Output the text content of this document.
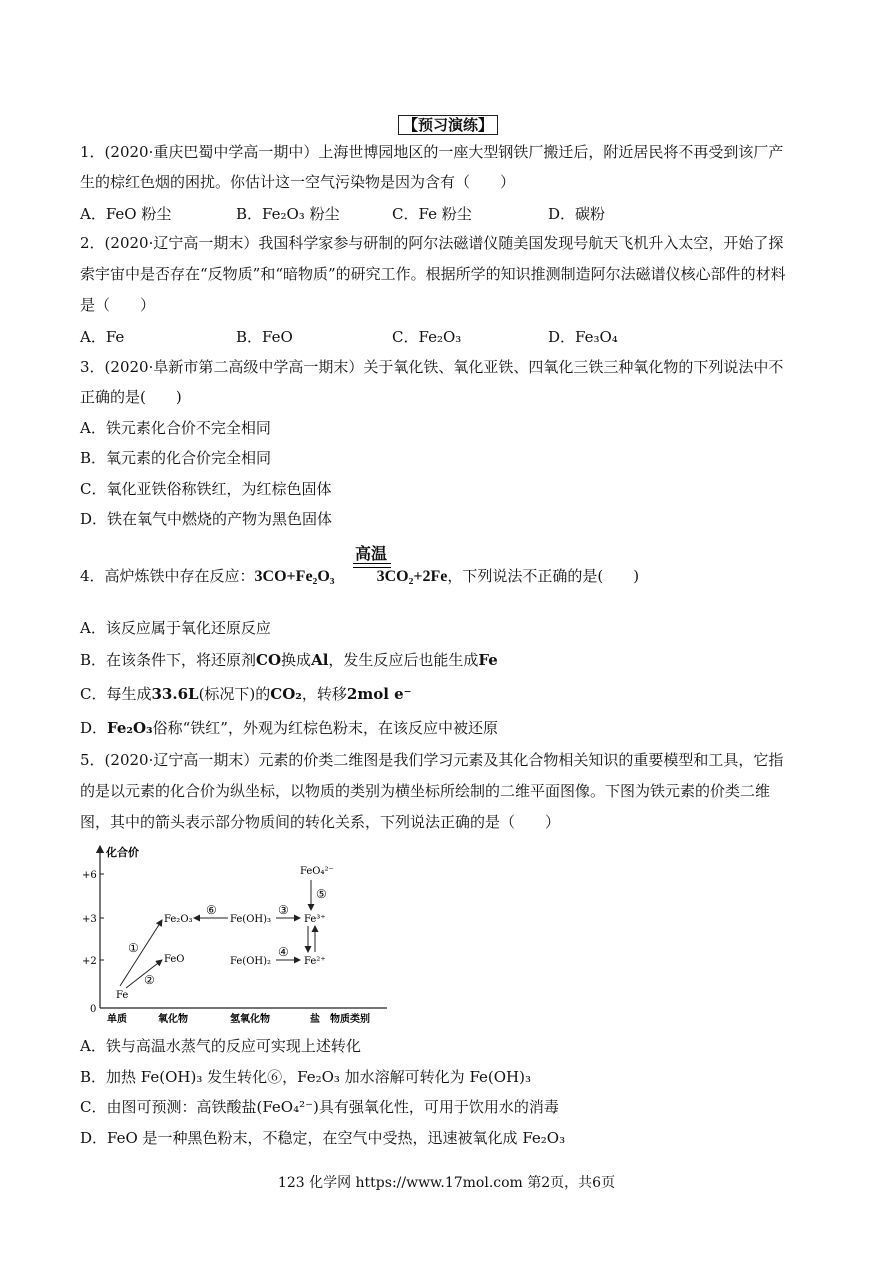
【预习演练】
1．(2020·重庆巴蜀中学高一期中）上海世博园地区的一座大型钢铁厂搬迁后，附近居民将不再受到该厂产
生的棕红色烟的困扰。你估计这一空气污染物是因为含有（　　）
A．FeO 粉尘	B．Fe₂O₃ 粉尘	C．Fe 粉尘	D．碳粉
2．(2020·辽宁高一期末）我国科学家参与研制的阿尔法磁谱仪随美国发现号航天飞机升入太空，开始了探
索宇宙中是否存在“反物质”和“暗物质”的研究工作。根据所学的知识推测制造阿尔法磁谱仪核心部件的材料
是（　　）
A．Fe	B．FeO	C．Fe₂O₃	D．Fe₃O₄
3．(2020·阜新市第二高级中学高一期末）关于氧化铁、氧化亚铁、四氧化三铁三种氧化物的下列说法中不
正确的是(　　)
A．铁元素化合价不完全相同
B．氧元素的化合价完全相同
C．氧化亚铁俗称铁红，为红棕色固体
D．铁在氧气中燃烧的产物为黑色固体
高温
4．高炉炼铁中存在反应：3CO+Fe₂O₃	3CO₂+2Fe，下列说法不正确的是(　　)
A．该反应属于氧化还原反应
B．在该条件下，将还原剂CO换成Al，发生反应后也能生成Fe
C．每生成33.6L(标况下)的CO₂，转移2mol e⁻
D．Fe₂O₃俗称“铁红”，外观为红棕色粉末，在该反应中被还原
5．(2020·辽宁高一期末）元素的价类二维图是我们学习元素及其化合物相关知识的重要模型和工具，它指
的是以元素的化合价为纵坐标，以物质的类别为横坐标所绘制的二维平面图像。下图为铁元素的价类二维
图，其中的箭头表示部分物质间的转化关系，下列说法正确的是（　　）
化合价
+6
+3
+2
0
单质	氧化物	氢氧化物	盐 物质类别
Fe
FeO
Fe₂O₃	Fe(OH)₃
Fe(OH)₂
Fe³⁺
Fe²⁺
FeO₄²⁻
①
②
③
④
⑤
⑥
A．铁与高温水蒸气的反应可实现上述转化
B．加热 Fe(OH)₃ 发生转化⑥，Fe₂O₃ 加水溶解可转化为 Fe(OH)₃
C．由图可预测：高铁酸盐(FeO₄²⁻)具有强氧化性，可用于饮用水的消毒
D．FeO 是一种黑色粉末，不稳定，在空气中受热，迅速被氧化成 Fe₂O₃
123 化学网 https://www.17mol.com 第2页，共6页
